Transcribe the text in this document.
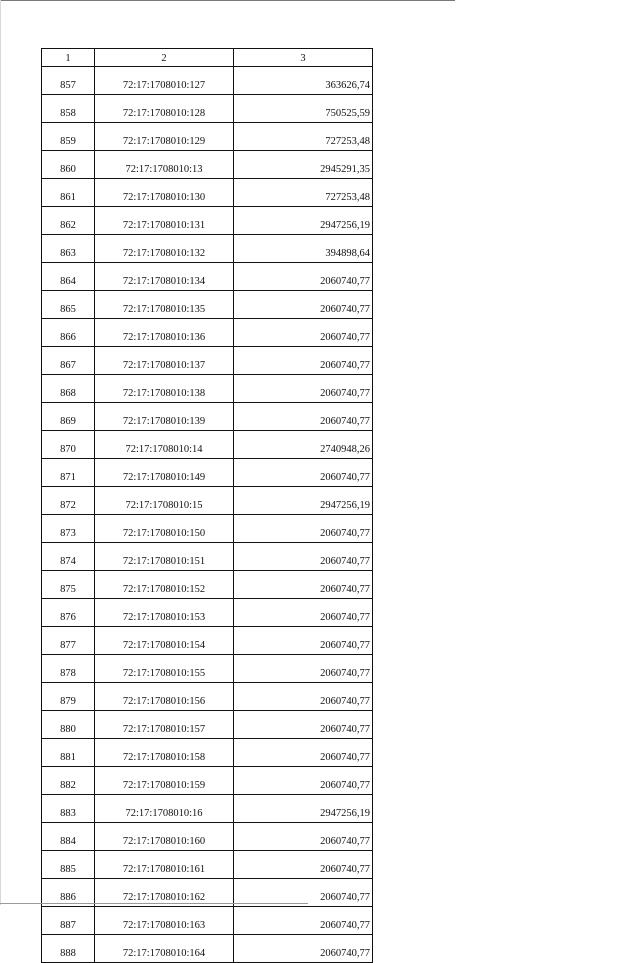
1	2	3
857	72:17:1708010:127	363626,74
858	72:17:1708010:128	750525,59
859	72:17:1708010:129	727253,48
860	72:17:1708010:13	2945291,35
861	72:17:1708010:130	727253,48
862	72:17:1708010:131	2947256,19
863	72:17:1708010:132	394898,64
864	72:17:1708010:134	2060740,77
865	72:17:1708010:135	2060740,77
866	72:17:1708010:136	2060740,77
867	72:17:1708010:137	2060740,77
868	72:17:1708010:138	2060740,77
869	72:17:1708010:139	2060740,77
870	72:17:1708010:14	2740948,26
871	72:17:1708010:149	2060740,77
872	72:17:1708010:15	2947256,19
873	72:17:1708010:150	2060740,77
874	72:17:1708010:151	2060740,77
875	72:17:1708010:152	2060740,77
876	72:17:1708010:153	2060740,77
877	72:17:1708010:154	2060740,77
878	72:17:1708010:155	2060740,77
879	72:17:1708010:156	2060740,77
880	72:17:1708010:157	2060740,77
881	72:17:1708010:158	2060740,77
882	72:17:1708010:159	2060740,77
883	72:17:1708010:16	2947256,19
884	72:17:1708010:160	2060740,77
885	72:17:1708010:161	2060740,77
886	72:17:1708010:162	2060740,77
887	72:17:1708010:163	2060740,77
888	72:17:1708010:164	2060740,77
